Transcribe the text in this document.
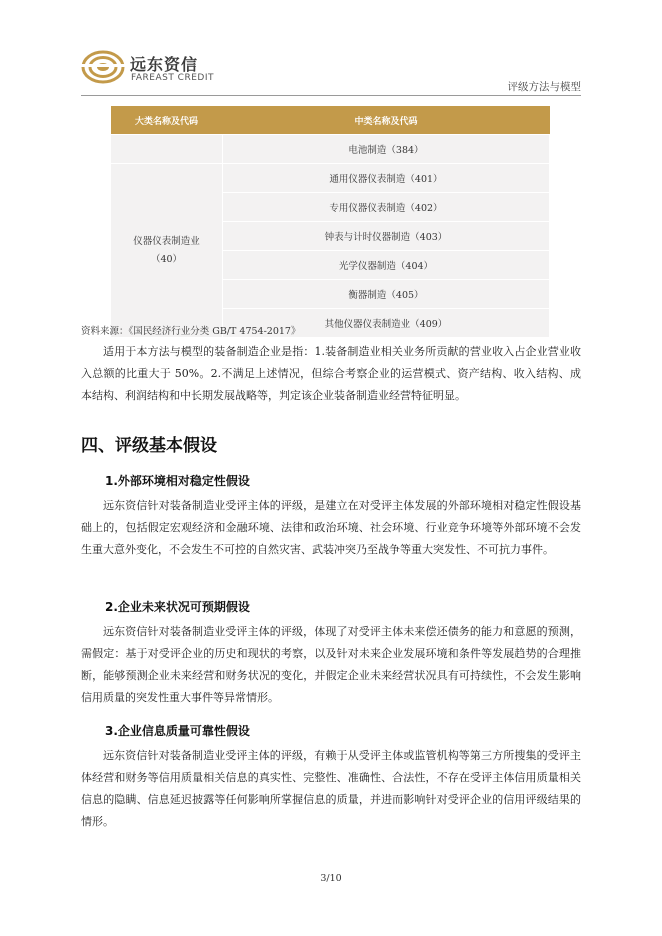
远东资信
FAREAST CREDIT
评级方法与模型
大类名称及代码	中类名称及代码
	电池制造（384）
仪器仪表制造业
（40）	通用仪器仪表制造（401）
	专用仪器仪表制造（402）
	钟表与计时仪器制造（403）
	光学仪器制造（404）
	衡器制造（405）
	其他仪器仪表制造业（409）
资料来源：《国民经济行业分类 GB/T 4754-2017》

适用于本方法与模型的装备制造企业是指：1.装备制造业相关业务所贡献的营业收入占企业营业收入总额的比重大于 50%。2.不满足上述情况，但综合考察企业的运营模式、资产结构、收入结构、成本结构、利润结构和中长期发展战略等，判定该企业装备制造业经营特征明显。

四、评级基本假设
1.外部环境相对稳定性假设

远东资信针对装备制造业受评主体的评级，是建立在对受评主体发展的外部环境相对稳定性假设基础上的，包括假定宏观经济和金融环境、法律和政治环境、社会环境、行业竞争环境等外部环境不会发生重大意外变化，不会发生不可控的自然灾害、武装冲突乃至战争等重大突发性、不可抗力事件。

2.企业未来状况可预期假设

远东资信针对装备制造业受评主体的评级，体现了对受评主体未来偿还债务的能力和意愿的预测，需假定：基于对受评企业的历史和现状的考察，以及针对未来企业发展环境和条件等发展趋势的合理推断，能够预测企业未来经营和财务状况的变化，并假定企业未来经营状况具有可持续性，不会发生影响信用质量的突发性重大事件等异常情形。

3.企业信息质量可靠性假设

远东资信针对装备制造业受评主体的评级，有赖于从受评主体或监管机构等第三方所搜集的受评主体经营和财务等信用质量相关信息的真实性、完整性、准确性、合法性，不存在受评主体信用质量相关信息的隐瞒、信息延迟披露等任何影响所掌握信息的质量，并进而影响针对受评企业的信用评级结果的情形。

3/10
